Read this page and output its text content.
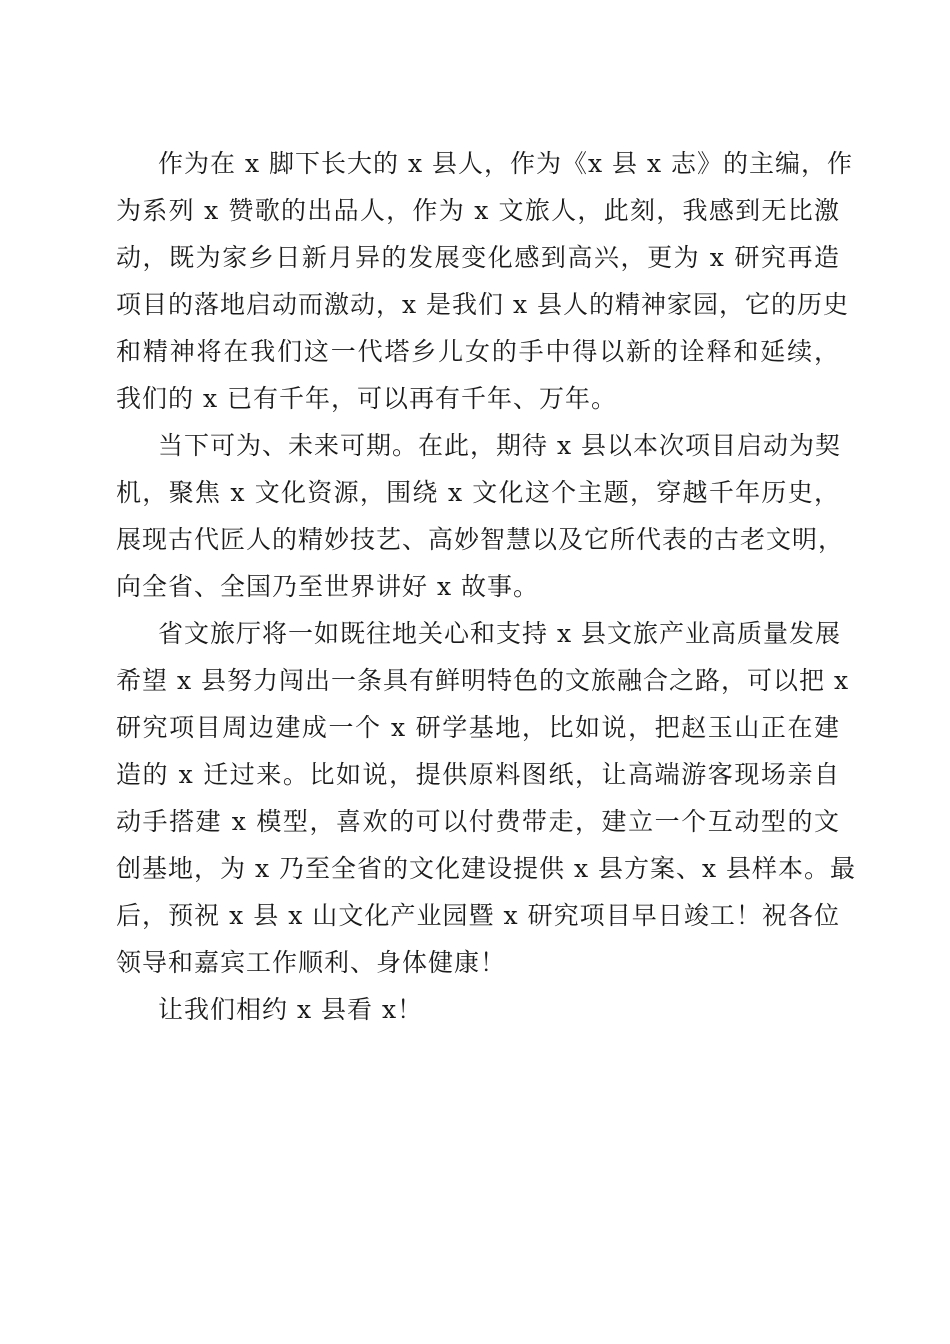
作为在 x 脚下长大的 x 县人，作为《x 县 x 志》的主编，作
为系列 x 赞歌的出品人，作为 x 文旅人，此刻，我感到无比激
动，既为家乡日新月异的发展变化感到高兴，更为 x 研究再造
项目的落地启动而激动，x 是我们 x 县人的精神家园，它的历史
和精神将在我们这一代塔乡儿女的手中得以新的诠释和延续，
我们的 x 已有千年，可以再有千年、万年。
当下可为、未来可期。在此，期待 x 县以本次项目启动为契
机，聚焦 x 文化资源，围绕 x 文化这个主题，穿越千年历史，
展现古代匠人的精妙技艺、高妙智慧以及它所代表的古老文明，
向全省、全国乃至世界讲好 x 故事。
省文旅厅将一如既往地关心和支持 x 县文旅产业高质量发展
希望 x 县努力闯出一条具有鲜明特色的文旅融合之路，可以把 x
研究项目周边建成一个 x 研学基地，比如说，把赵玉山正在建
造的 x 迁过来。比如说，提供原料图纸，让高端游客现场亲自
动手搭建 x 模型，喜欢的可以付费带走，建立一个互动型的文
创基地，为 x 乃至全省的文化建设提供 x 县方案、x 县样本。最
后，预祝 x 县 x 山文化产业园暨 x 研究项目早日竣工！祝各位
领导和嘉宾工作顺利、身体健康！
让我们相约 x 县看 x！
